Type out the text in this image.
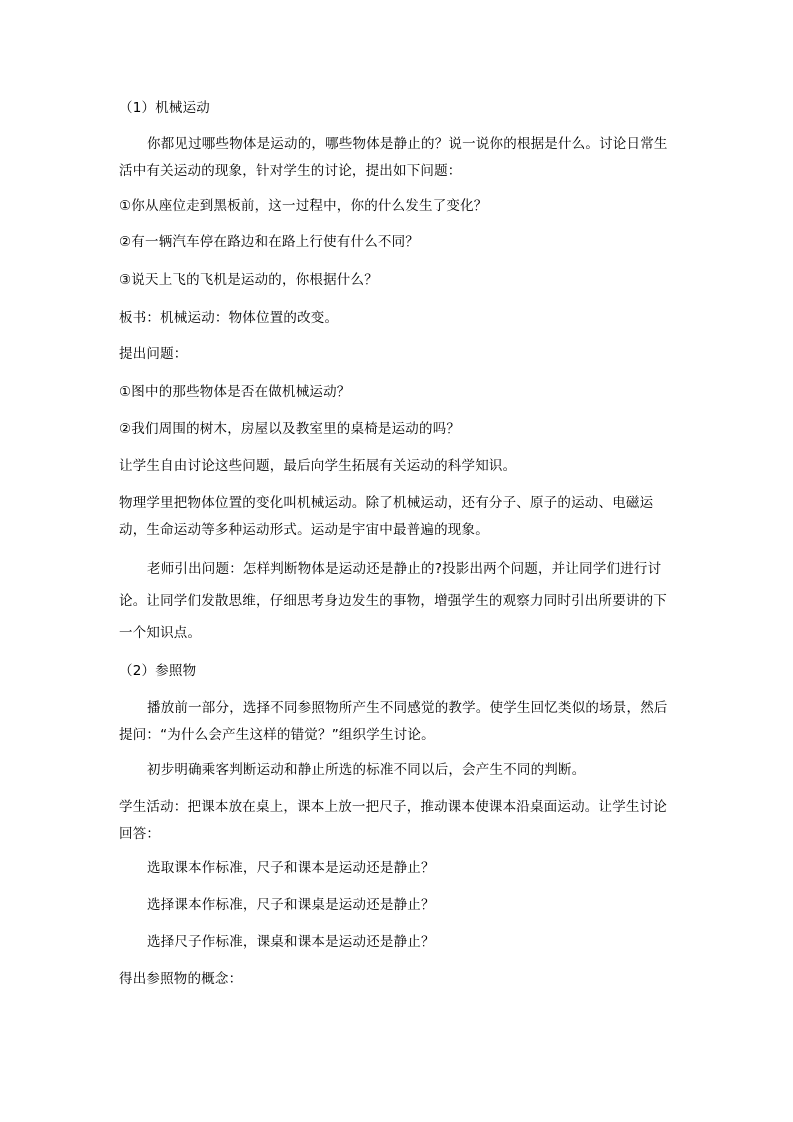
（1）机械运动
你都见过哪些物体是运动的，哪些物体是静止的？说一说你的根据是什么。讨论日常生活中有关运动的现象，针对学生的讨论，提出如下问题：
①你从座位走到黑板前，这一过程中，你的什么发生了变化？
②有一辆汽车停在路边和在路上行使有什么不同？
③说天上飞的飞机是运动的，你根据什么？
板书：机械运动：物体位置的改变。
提出问题：
①图中的那些物体是否在做机械运动？
②我们周围的树木，房屋以及教室里的桌椅是运动的吗？
让学生自由讨论这些问题，最后向学生拓展有关运动的科学知识。
物理学里把物体位置的变化叫机械运动。除了机械运动，还有分子、原子的运动、电磁运动，生命运动等多种运动形式。运动是宇宙中最普遍的现象。
老师引出问题：怎样判断物体是运动还是静止的?投影出两个问题，并让同学们进行讨论。让同学们发散思维，仔细思考身边发生的事物，增强学生的观察力同时引出所要讲的下一个知识点。
（2）参照物
播放前一部分，选择不同参照物所产生不同感觉的教学。使学生回忆类似的场景，然后提问：“为什么会产生这样的错觉？”组织学生讨论。
初步明确乘客判断运动和静止所选的标准不同以后，会产生不同的判断。
学生活动：把课本放在桌上，课本上放一把尺子，推动课本使课本沿桌面运动。让学生讨论回答：
选取课本作标准，尺子和课本是运动还是静止？
选择课本作标准，尺子和课桌是运动还是静止？
选择尺子作标准，课桌和课本是运动还是静止？
得出参照物的概念：
